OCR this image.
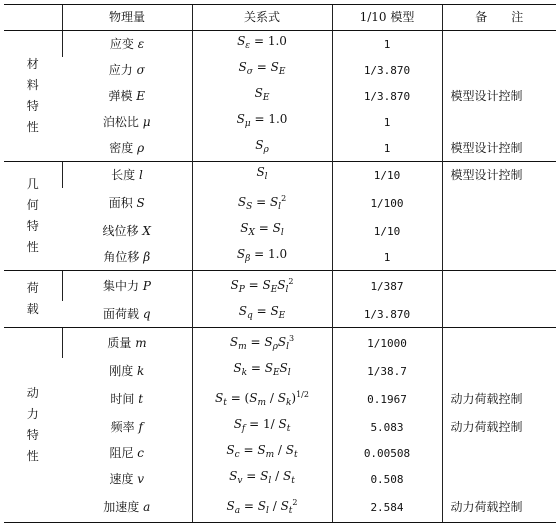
	物理量	关系式	1/10 模型	备　　注

材
料
特
性	应变 ε	$S_\varepsilon = 1.0$	1	
	应力 σ	$S_\sigma = S_E$	1/3.870	
	弹模 E	$S_E$	1/3.870	模型设计控制
	泊松比 μ	$S_\mu = 1.0$	1	
	密度 ρ	$S_\rho$	1	模型设计控制

几
何
特
性	长度 l	$S_l$	1/10	模型设计控制
	面积 S	$S_S = S_l^2$	1/100	
	线位移 X	$S_X = S_l$	1/10	
	角位移 β	$S_\beta = 1.0$	1	

荷
载	集中力 P	$S_P = S_ES_l^2$	1/387	
	面荷载 q	$S_q = S_E$	1/3.870	

动
力
特
性	质量 m	$S_m = S_\rho S_l^3$	1/1000	
	刚度 k	$S_k = S_ES_l$	1/38.7	
	时间 t	$S_t = (S_m / S_k)^{1/2}$	0.1967	动力荷载控制
	频率 f	$S_f = 1/$ $S_t$	5.083	动力荷载控制
	阻尼 c	$S_c = S_m / S_t$	0.00508	
	速度 v	$S_v = S_l / S_t$	0.508	
	加速度 a	$S_a = S_l / S_t^2$	2.584	动力荷载控制
